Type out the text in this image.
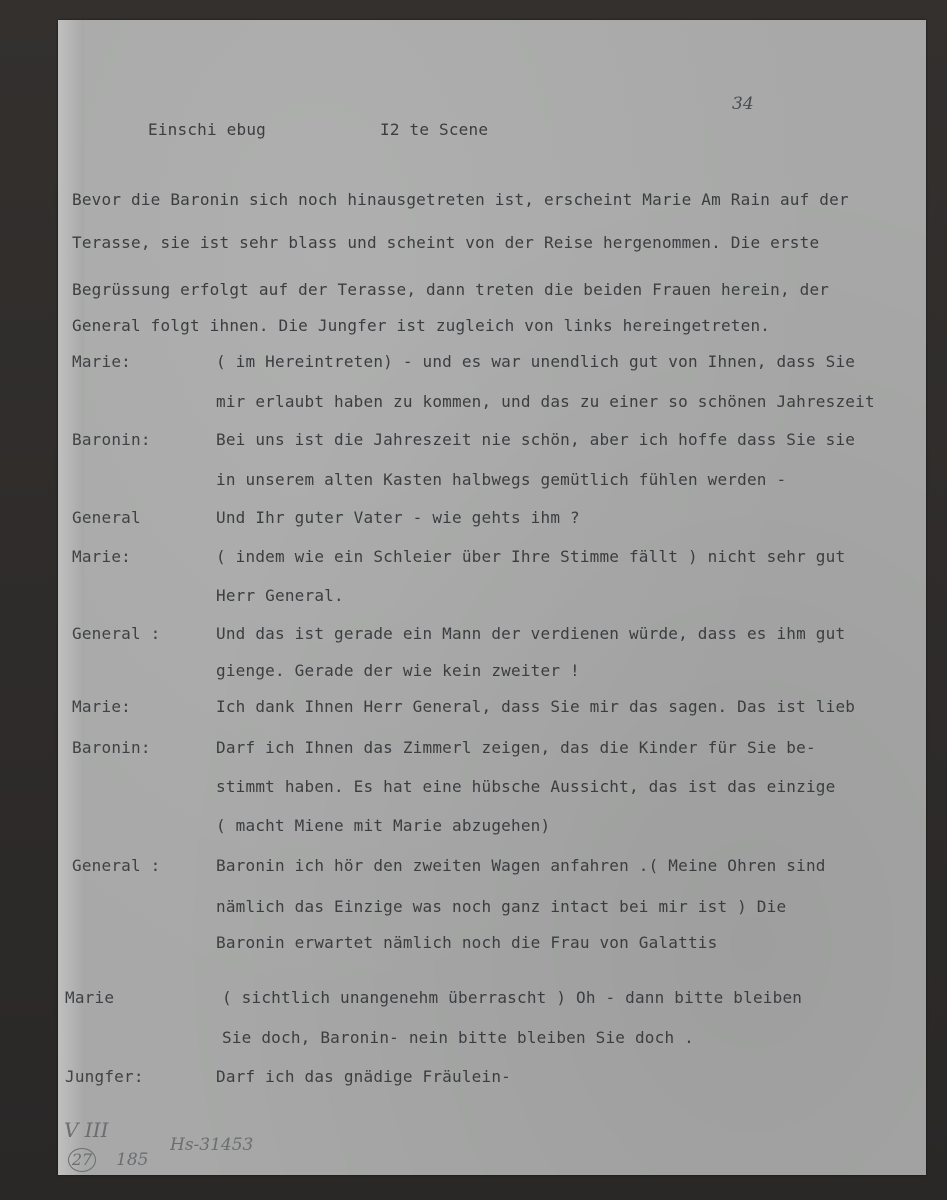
34
Einschi ebug	I2 te Scene
Bevor die Baronin sich noch hinausgetreten ist, erscheint Marie Am Rain auf der
Terasse, sie ist sehr blass und scheint von der Reise hergenommen. Die erste
Begrüssung erfolgt auf der Terasse, dann treten die beiden Frauen herein, der
General folgt ihnen. Die Jungfer ist zugleich von links hereingetreten.
Marie:	( im Hereintreten) - und es war unendlich gut von Ihnen, dass Sie
mir erlaubt haben zu kommen, und das zu einer so schönen Jahreszeit
Baronin:	Bei uns ist die Jahreszeit nie schön, aber ich hoffe dass Sie sie
in unserem alten Kasten halbwegs gemütlich fühlen werden -
General	Und Ihr guter Vater - wie gehts ihm ?
Marie:	( indem wie ein Schleier über Ihre Stimme fällt ) nicht sehr gut
Herr General.
General :	Und das ist gerade ein Mann der verdienen würde, dass es ihm gut
gienge. Gerade der wie kein zweiter !
Marie:	Ich dank Ihnen Herr General, dass Sie mir das sagen. Das ist lieb
Baronin:	Darf ich Ihnen das Zimmerl zeigen, das die Kinder für Sie be-
stimmt haben. Es hat eine hübsche Aussicht, das ist das einzige
( macht Miene mit Marie abzugehen)
General :	Baronin ich hör den zweiten Wagen anfahren .( Meine Ohren sind
nämlich das Einzige was noch ganz intact bei mir ist ) Die
Baronin erwartet nämlich noch die Frau von Galattis
Marie	( sichtlich unangenehm überrascht ) Oh - dann bitte bleiben
Sie doch, Baronin- nein bitte bleiben Sie doch .
Jungfer:	Darf ich das gnädige Fräulein-
V III
27 185
Hs-31453
